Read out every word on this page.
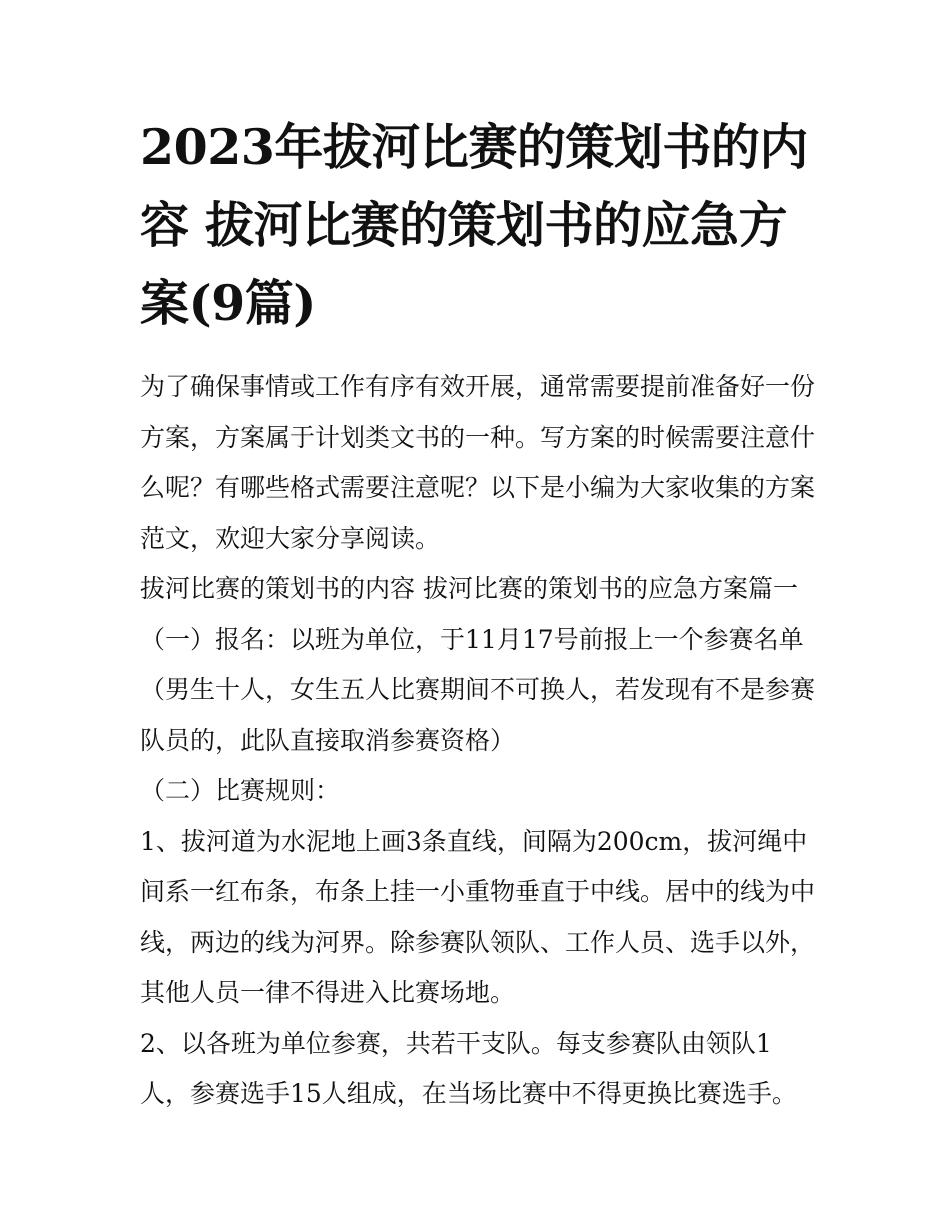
2023年拔河比赛的策划书的内
容 拔河比赛的策划书的应急方
案(9篇)
为了确保事情或工作有序有效开展，通常需要提前准备好一份
方案，方案属于计划类文书的一种。写方案的时候需要注意什
么呢？有哪些格式需要注意呢？以下是小编为大家收集的方案
范文，欢迎大家分享阅读。
拔河比赛的策划书的内容 拔河比赛的策划书的应急方案篇一
（一）报名：以班为单位，于11月17号前报上一个参赛名单
（男生十人，女生五人比赛期间不可换人，若发现有不是参赛
队员的，此队直接取消参赛资格）
（二）比赛规则：
1、拔河道为水泥地上画3条直线，间隔为200cm，拔河绳中
间系一红布条，布条上挂一小重物垂直于中线。居中的线为中
线，两边的线为河界。除参赛队领队、工作人员、选手以外，
其他人员一律不得进入比赛场地。
2、以各班为单位参赛，共若干支队。每支参赛队由领队1
人，参赛选手15人组成，在当场比赛中不得更换比赛选手。
